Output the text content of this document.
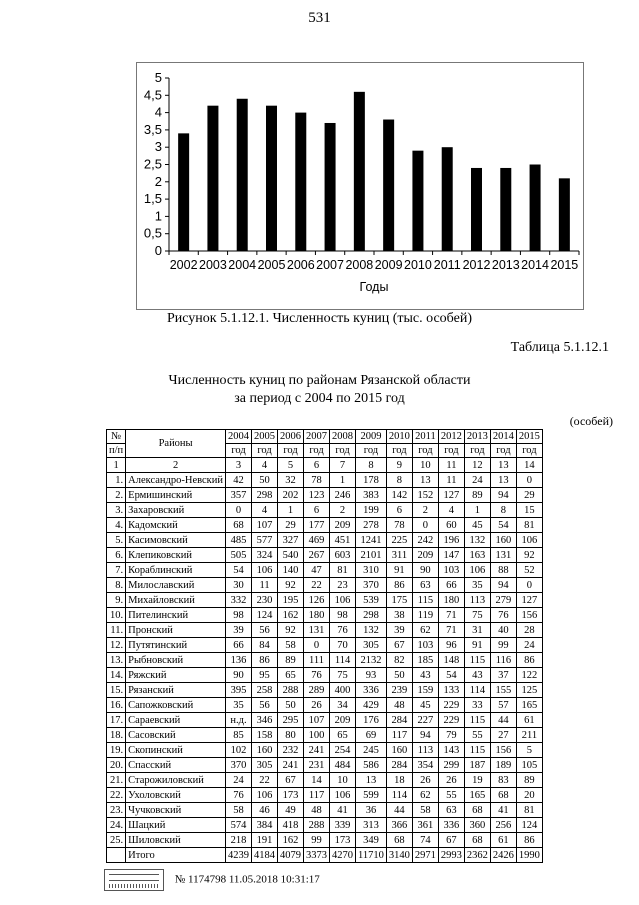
531
0
0,5
1
1,5
2
2,5
3
3,5
4
4,5
5
2002 2003 2004 2005 2006 2007 2008 2009 2010 2011 2012 2013 2014 2015
Годы
Рисунок 5.1.12.1. Численность куниц (тыс. особей)
Таблица 5.1.12.1
Численность куниц по районам Рязанской области
за период с 2004 по 2015 год
(особей)
№	Районы	2004	2005	2006	2007	2008	2009	2010	2011	2012	2013	2014	2015
п/п		год	год	год	год	год	год	год	год	год	год	год	год
1	2	3	4	5	6	7	8	9	10	11	12	13	14
1.	Александро-Невский	42	50	32	78	1	178	8	13	11	24	13	0
2.	Ермишинский	357	298	202	123	246	383	142	152	127	89	94	29
3.	Захаровский	0	4	1	6	2	199	6	2	4	1	8	15
4.	Кадомский	68	107	29	177	209	278	78	0	60	45	54	81
5.	Касимовский	485	577	327	469	451	1241	225	242	196	132	160	106
6.	Клепиковский	505	324	540	267	603	2101	311	209	147	163	131	92
7.	Кораблинский	54	106	140	47	81	310	91	90	103	106	88	52
8.	Милославский	30	11	92	22	23	370	86	63	66	35	94	0
9.	Михайловский	332	230	195	126	106	539	175	115	180	113	279	127
10.	Пителинский	98	124	162	180	98	298	38	119	71	75	76	156
11.	Пронский	39	56	92	131	76	132	39	62	71	31	40	28
12.	Путятинский	66	84	58	0	70	305	67	103	96	91	99	24
13.	Рыбновский	136	86	89	111	114	2132	82	185	148	115	116	86
14.	Ряжский	90	95	65	76	75	93	50	43	54	43	37	122
15.	Рязанский	395	258	288	289	400	336	239	159	133	114	155	125
16.	Сапожковский	35	56	50	26	34	429	48	45	229	33	57	165
17.	Сараевский	н.д.	346	295	107	209	176	284	227	229	115	44	61
18.	Сасовский	85	158	80	100	65	69	117	94	79	55	27	211
19.	Скопинский	102	160	232	241	254	245	160	113	143	115	156	5
20.	Спасский	370	305	241	231	484	586	284	354	299	187	189	105
21.	Старожиловский	24	22	67	14	10	13	18	26	26	19	83	89
22.	Ухоловский	76	106	173	117	106	599	114	62	55	165	68	20
23.	Чучковский	58	46	49	48	41	36	44	58	63	68	41	81
24.	Шацкий	574	384	418	288	339	313	366	361	336	360	256	124
25.	Шиловский	218	191	162	99	173	349	68	74	67	68	61	86
	Итого	4239	4184	4079	3373	4270	11710	3140	2971	2993	2362	2426	1990
№ 1174798 11.05.2018 10:31:17
